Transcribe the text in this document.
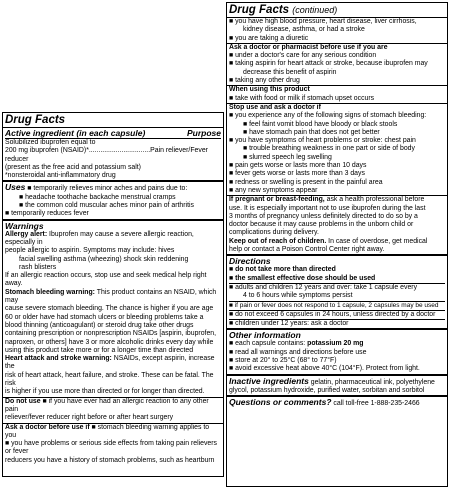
Drug Facts
Active ingredient (in each capsule)	Purpose

Solubilized ibuprofen equal to

200 mg ibuprofen (NSAID)*................................Pain reliever/Fever reducer

(present as the free acid and potassium salt)

*nonsteroidal anti-inflammatory drug

Uses ■ temporarily relieves minor aches and pains due to:

■ headache toothache backache menstrual cramps

■ the common cold muscular aches minor pain of arthritis

■ temporarily reduces fever

Warnings

Allergy alert: Ibuprofen may cause a severe allergic reaction, especially in

people allergic to aspirin. Symptoms may include: hives

facial swelling asthma (wheezing) shock skin reddening

rash blisters

If an allergic reaction occurs, stop use and seek medical help right away.

Stomach bleeding warning: This product contains an NSAID, which may

cause severe stomach bleeding. The chance is higher if you are age

60 or older have had stomach ulcers or bleeding problems take a

blood thinning (anticoagulant) or steroid drug take other drugs

containing prescription or nonprescription NSAIDs [aspirin, ibuprofen,

naproxen, or others] have 3 or more alcoholic drinks every day while

using this product take more or for a longer time than directed

Heart attack and stroke warning: NSAIDs, except aspirin, increase the

risk of heart attack, heart failure, and stroke. These can be fatal. The risk

is higher if you use more than directed or for longer than directed.

Do not use ■ if you have ever had an allergic reaction to any other pain

reliever/fever reducer right before or after heart surgery

Ask a doctor before use if ■ stomach bleeding warning applies to you

■ you have problems or serious side effects from taking pain relievers or fever

reducers you have a history of stomach problems, such as heartburn

Drug Facts (continued)

■ you have high blood pressure, heart disease, liver cirrhosis,

kidney disease, asthma, or had a stroke

■ you are taking a diuretic

Ask a doctor or pharmacist before use if you are

■ under a doctor's care for any serious condition

■ taking aspirin for heart attack or stroke, because ibuprofen may

decrease this benefit of aspirin

■ taking any other drug

When using this product

■ take with food or milk if stomach upset occurs

Stop use and ask a doctor if

■ you experience any of the following signs of stomach bleeding:

■ feel faint vomit blood have bloody or black stools

■ have stomach pain that does not get better

■ you have symptoms of heart problems or stroke: chest pain

■ trouble breathing weakness in one part or side of body

■ slurred speech leg swelling

■ pain gets worse or lasts more than 10 days

■ fever gets worse or lasts more than 3 days

■ redness or swelling is present in the painful area

■ any new symptoms appear

If pregnant or breast-feeding, ask a health professional before

use. It is especially important not to use ibuprofen during the last

3 months of pregnancy unless definitely directed to do so by a

doctor because it may cause problems in the unborn child or

complications during delivery.

Keep out of reach of children. In case of overdose, get medical

help or contact a Poison Control Center right away.

Directions

■ do not take more than directed

■ the smallest effective dose should be used

■ adults and children 12 years and over: take 1 capsule every

4 to 6 hours while symptoms persist

■ if pain or fever does not respond to 1 capsule, 2 capsules may be used

■ do not exceed 6 capsules in 24 hours, unless directed by a doctor

■ children under 12 years: ask a doctor

Other information

■ each capsule contains: potassium 20 mg

■ read all warnings and directions before use

■ store at 20° to 25°C (68° to 77°F)

■ avoid excessive heat above 40°C (104°F). Protect from light.

Inactive ingredients gelatin, pharmaceutical ink, polyethylene

glycol, potassium hydroxide, purified water, sorbitan and sorbitol

Questions or comments? call toll-free 1-888-235-2466
